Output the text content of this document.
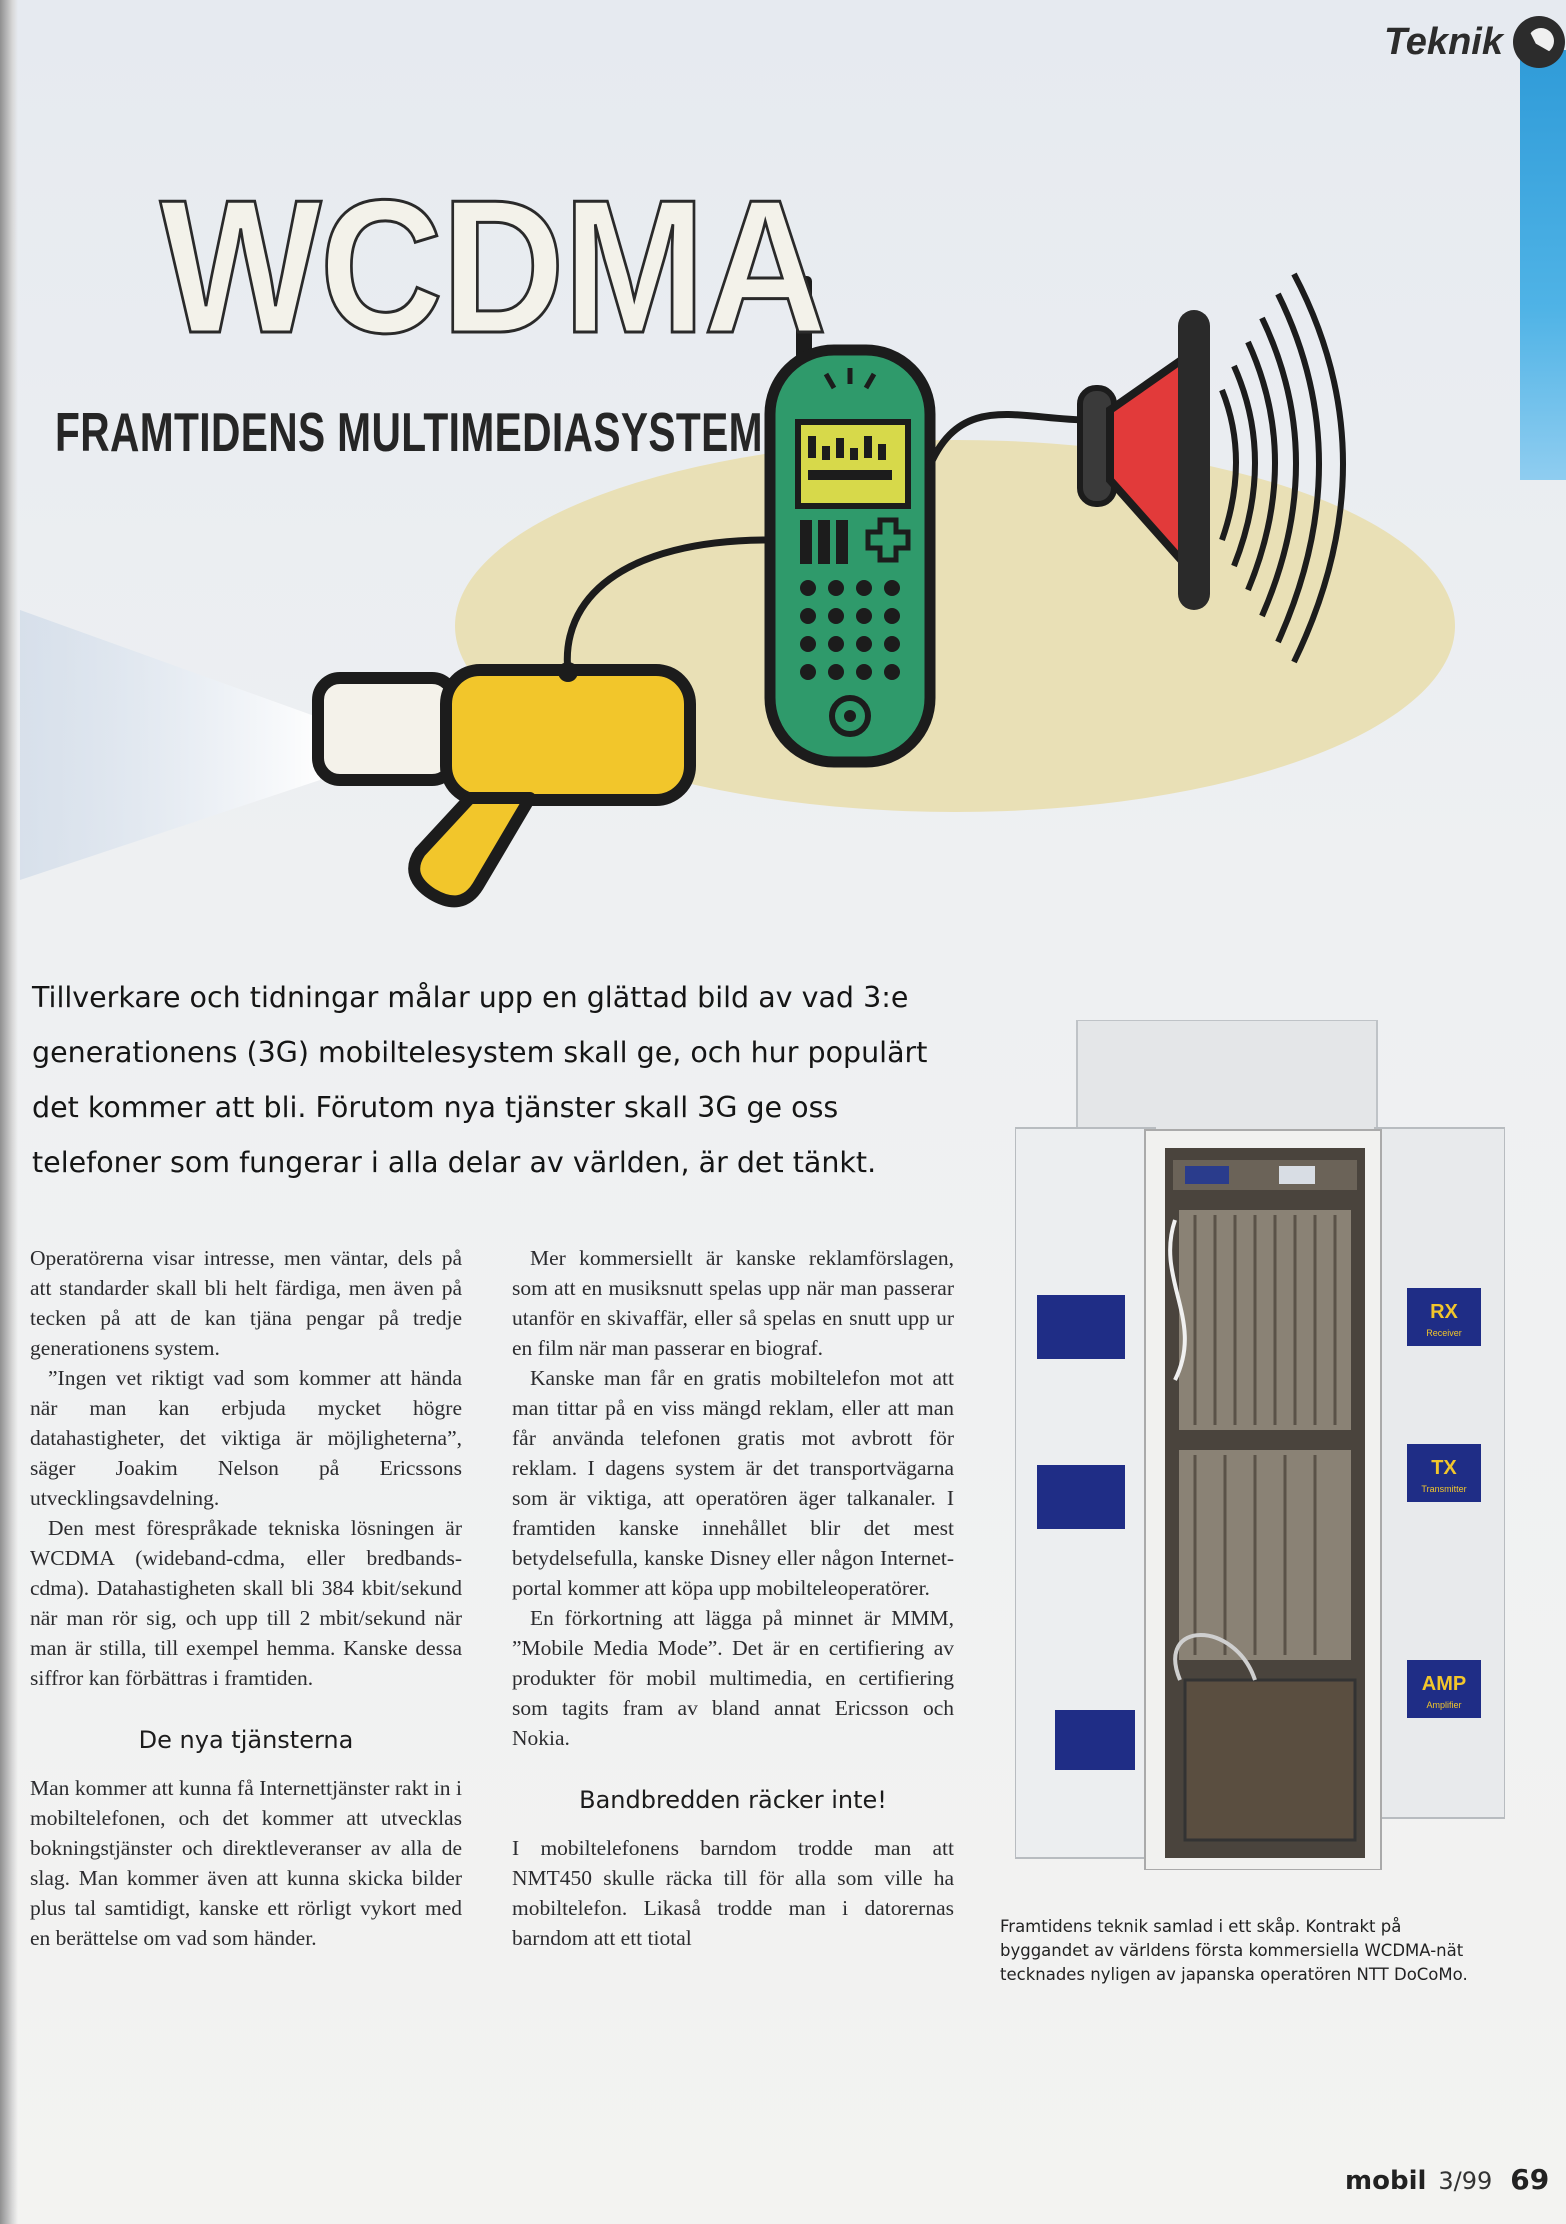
Teknik
WCDMA
FRAMTIDENS MULTIMEDIASYSTEM

Tillverkare och tidningar målar upp en glättad bild av vad 3:e generationens (3G) mobiltelesystem skall ge, och hur populärt det kommer att bli. Förutom nya tjänster skall 3G ge oss telefoner som fungerar i alla delar av världen, är det tänkt.

Operatörerna visar intresse, men väntar, dels på att standarder skall bli helt färdiga, men även på tecken på att de kan tjäna pengar på tredje generationens system.

”Ingen vet riktigt vad som kommer att hända när man kan erbjuda mycket högre datahastigheter, det viktiga är möjligheterna”, säger Joakim Nelson på Ericssons utvecklingsavdelning.

Den mest förespråkade tekniska lösningen är WCDMA (wideband-cdma, eller bredbands-cdma). Datahastigheten skall bli 384 kbit/sekund när man rör sig, och upp till 2 mbit/sekund när man är stilla, till exempel hemma. Kanske dessa siffror kan förbättras i framtiden.

De nya tjänsterna

Man kommer att kunna få Internettjänster rakt in i mobiltelefonen, och det kommer att utvecklas bokningstjänster och direktleveranser av alla de slag. Man kommer även att kunna skicka bilder plus tal samtidigt, kanske ett rörligt vykort med en berättelse om vad som händer.

Mer kommersiellt är kanske reklamförslagen, som att en musiksnutt spelas upp när man passerar utanför en skivaffär, eller så spelas en snutt upp ur en film när man passerar en biograf.

Kanske man får en gratis mobiltelefon mot att man tittar på en viss mängd reklam, eller att man får använda telefonen gratis mot avbrott för reklam. I dagens system är det transportvägarna som är viktiga, att operatören äger talkanaler. I framtiden kanske innehållet blir det mest betydelsefulla, kanske Disney eller någon Internet-portal kommer att köpa upp mobilteleoperatörer.

En förkortning att lägga på minnet är MMM, ”Mobile Media Mode”. Det är en certifiering av produkter för mobil multimedia, en certifiering som tagits fram av bland annat Ericsson och Nokia.

Bandbredden räcker inte!

I mobiltelefonens barndom trodde man att NMT450 skulle räcka till för alla som ville ha mobiltelefon. Likaså trodde man i datorernas barndom att ett tiotal

RX
Receiver
TX
Transmitter
AMP
Amplifier

Framtidens teknik samlad i ett skåp. Kontrakt på byggandet av världens första kommersiella WCDMA-nät tecknades nyligen av japanska operatören NTT DoCoMo.

mobil 3/99 69
